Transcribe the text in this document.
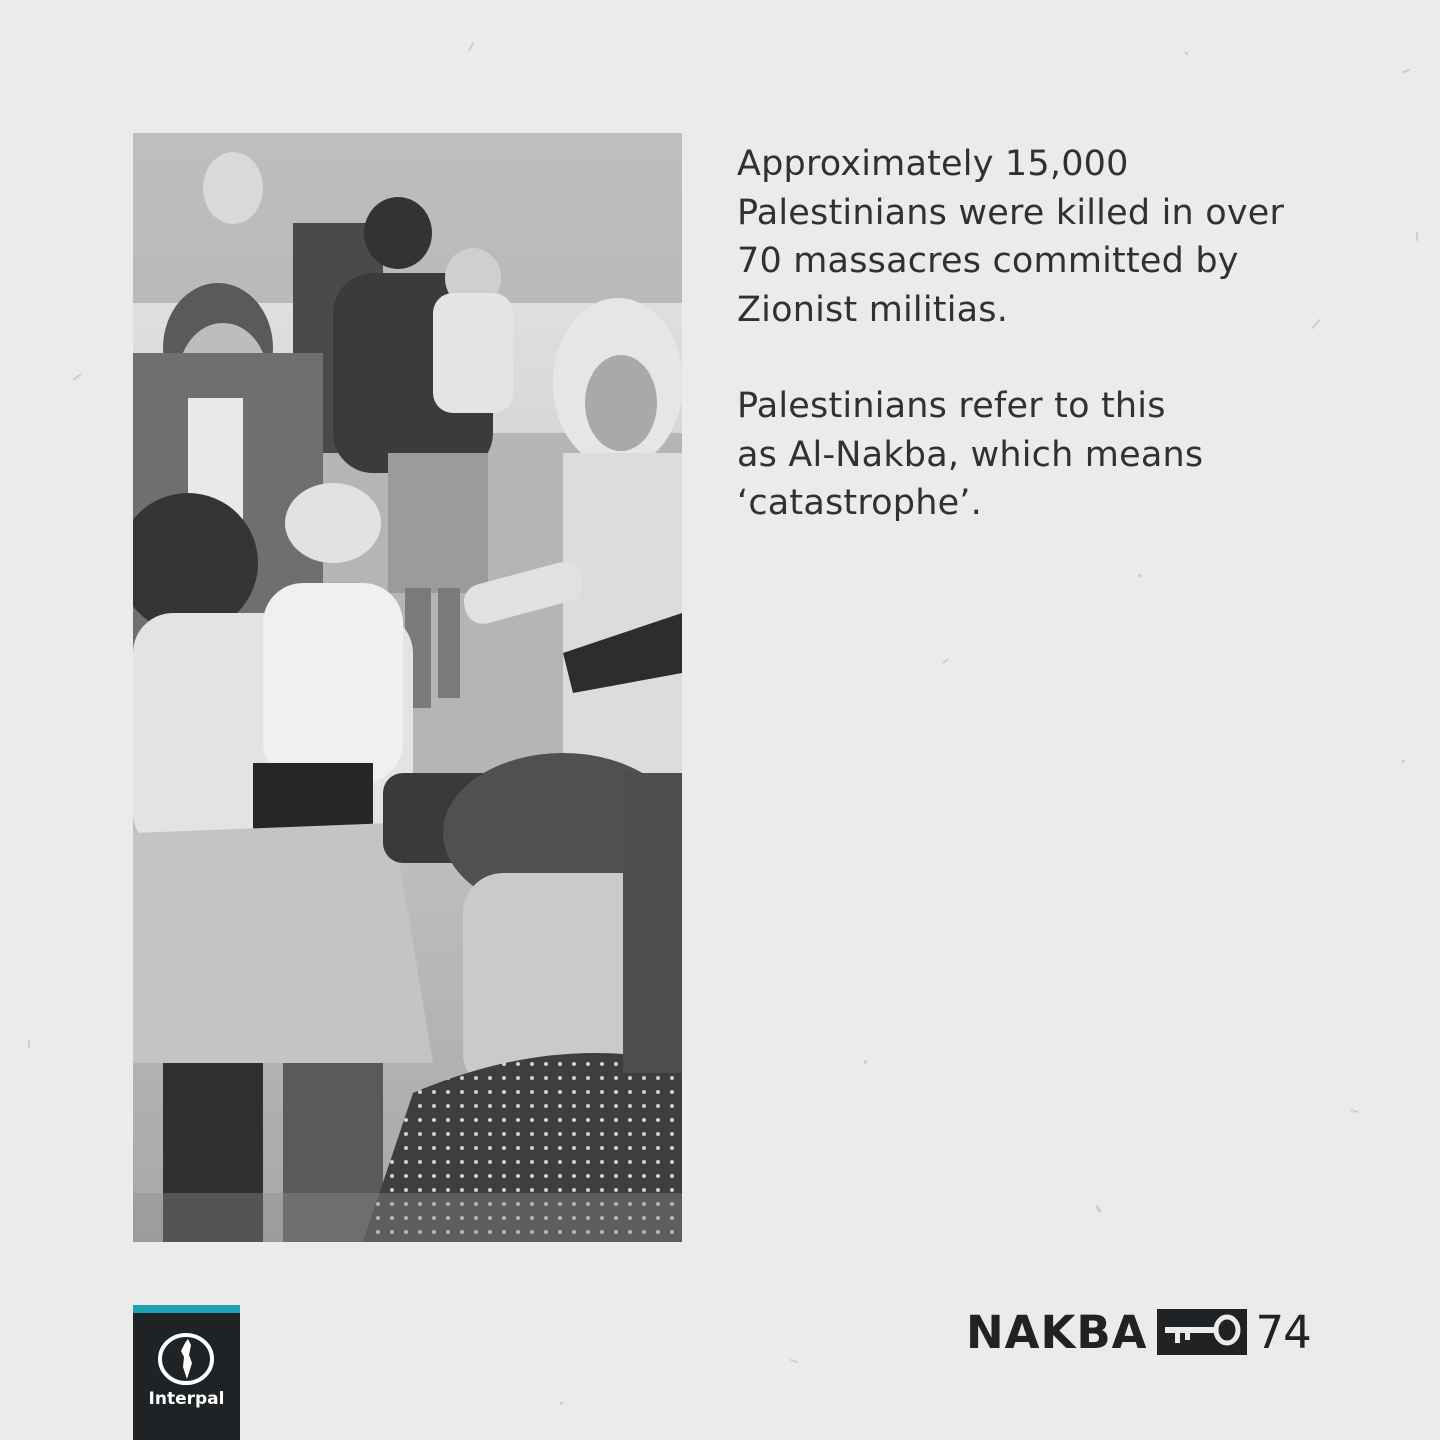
Approximately 15,000
Palestinians were killed in over
70 massacres committed by
Zionist militias.

Palestinians refer to this
as Al-Nakba, which means
‘catastrophe’.

Interpal
NAKBA 74
